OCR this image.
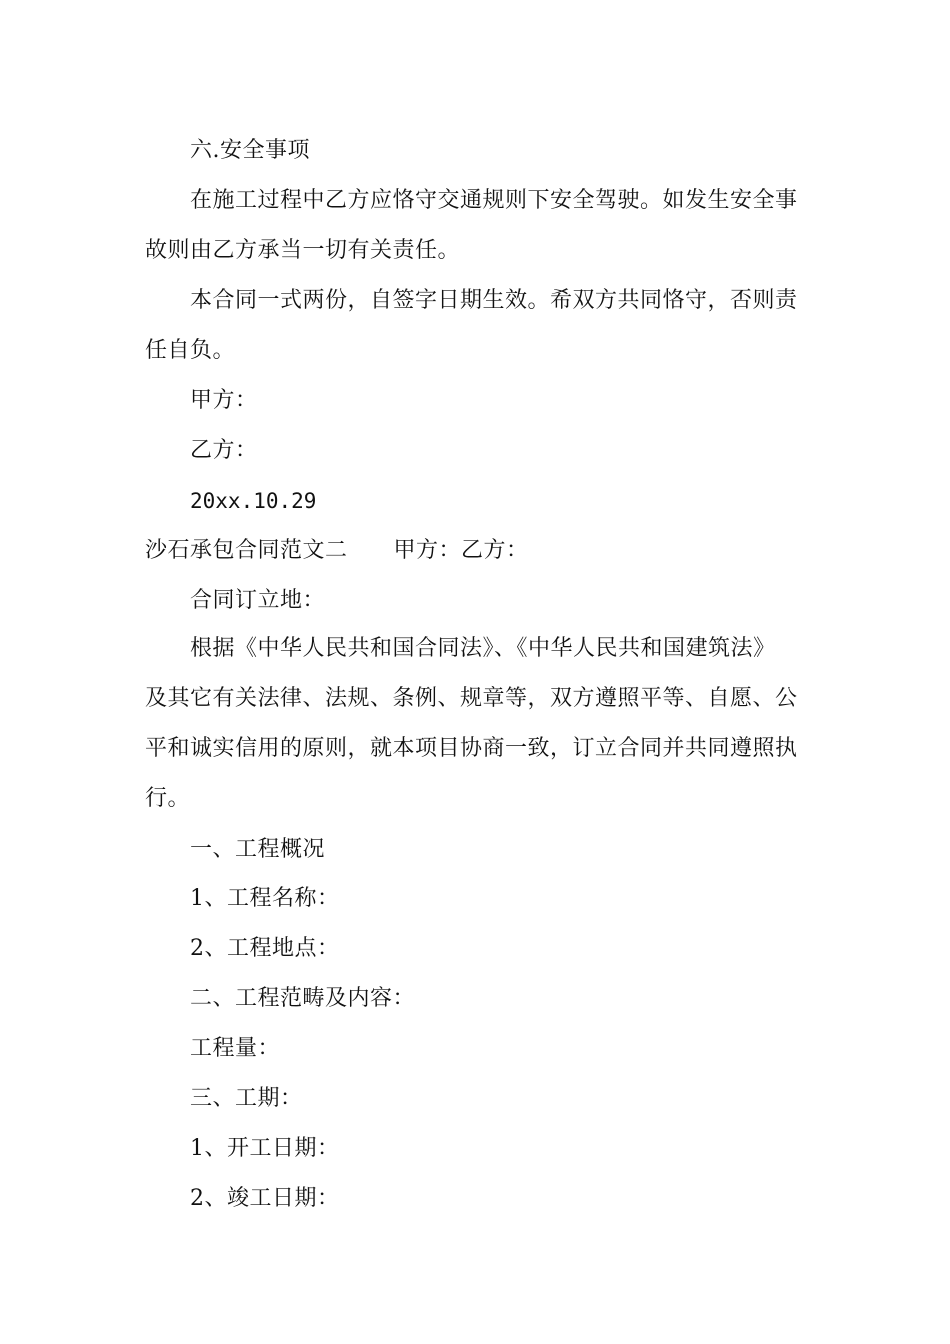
六.安全事项
在施工过程中乙方应恪守交通规则下安全驾驶。如发生安全事
故则由乙方承当一切有关责任。
本合同一式两份，自签字日期生效。希双方共同恪守，否则责
任自负。
甲方：
乙方：
20xx.10.29
沙石承包合同范文二 甲方：乙方：
合同订立地：
根据《中华人民共和国合同法》、《中华人民共和国建筑法》
及其它有关法律、法规、条例、规章等，双方遵照平等、自愿、公
平和诚实信用的原则，就本项目协商一致，订立合同并共同遵照执
行。
一、工程概况
1、工程名称：
2、工程地点：
二、工程范畴及内容：
工程量：
三、工期：
1、开工日期：
2、竣工日期：
